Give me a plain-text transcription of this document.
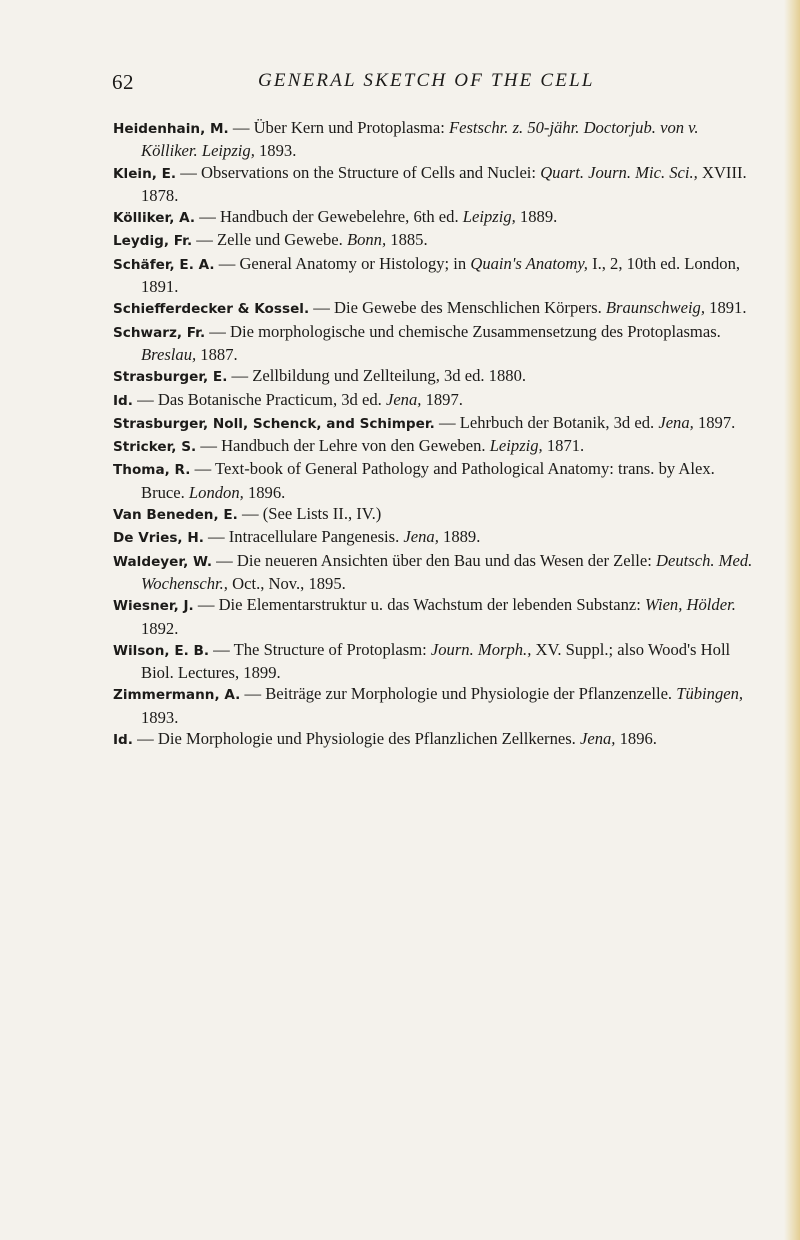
62	GENERAL SKETCH OF THE CELL
Heidenhain, M. — Über Kern und Protoplasma: Festschr. z. 50-jähr. Doctorjub. von v. Kölliker. Leipzig, 1893.
Klein, E. — Observations on the Structure of Cells and Nuclei: Quart. Journ. Mic. Sci., XVIII. 1878.
Kölliker, A. — Handbuch der Gewebelehre, 6th ed. Leipzig, 1889.
Leydig, Fr. — Zelle und Gewebe. Bonn, 1885.
Schäfer, E. A. — General Anatomy or Histology; in Quain's Anatomy, I., 2, 10th ed. London, 1891.
Schiefferdecker & Kossel. — Die Gewebe des Menschlichen Körpers. Braunschweig, 1891.
Schwarz, Fr. — Die morphologische und chemische Zusammensetzung des Protoplasmas. Breslau, 1887.
Strasburger, E. — Zellbildung und Zellteilung, 3d ed. 1880.
Id. — Das Botanische Practicum, 3d ed. Jena, 1897.
Strasburger, Noll, Schenck, and Schimper. — Lehrbuch der Botanik, 3d ed. Jena, 1897.
Stricker, S. — Handbuch der Lehre von den Geweben. Leipzig, 1871.
Thoma, R. — Text-book of General Pathology and Pathological Anatomy: trans. by Alex. Bruce. London, 1896.
Van Beneden, E. — (See Lists II., IV.)
De Vries, H. — Intracellulare Pangenesis. Jena, 1889.
Waldeyer, W. — Die neueren Ansichten über den Bau und das Wesen der Zelle: Deutsch. Med. Wochenschr., Oct., Nov., 1895.
Wiesner, J. — Die Elementarstruktur u. das Wachstum der lebenden Substanz: Wien, Hölder. 1892.
Wilson, E. B. — The Structure of Protoplasm: Journ. Morph., XV. Suppl.; also Wood's Holl Biol. Lectures, 1899.
Zimmermann, A. — Beiträge zur Morphologie und Physiologie der Pflanzenzelle. Tübingen, 1893.
Id. — Die Morphologie und Physiologie des Pflanzlichen Zellkernes. Jena, 1896.
